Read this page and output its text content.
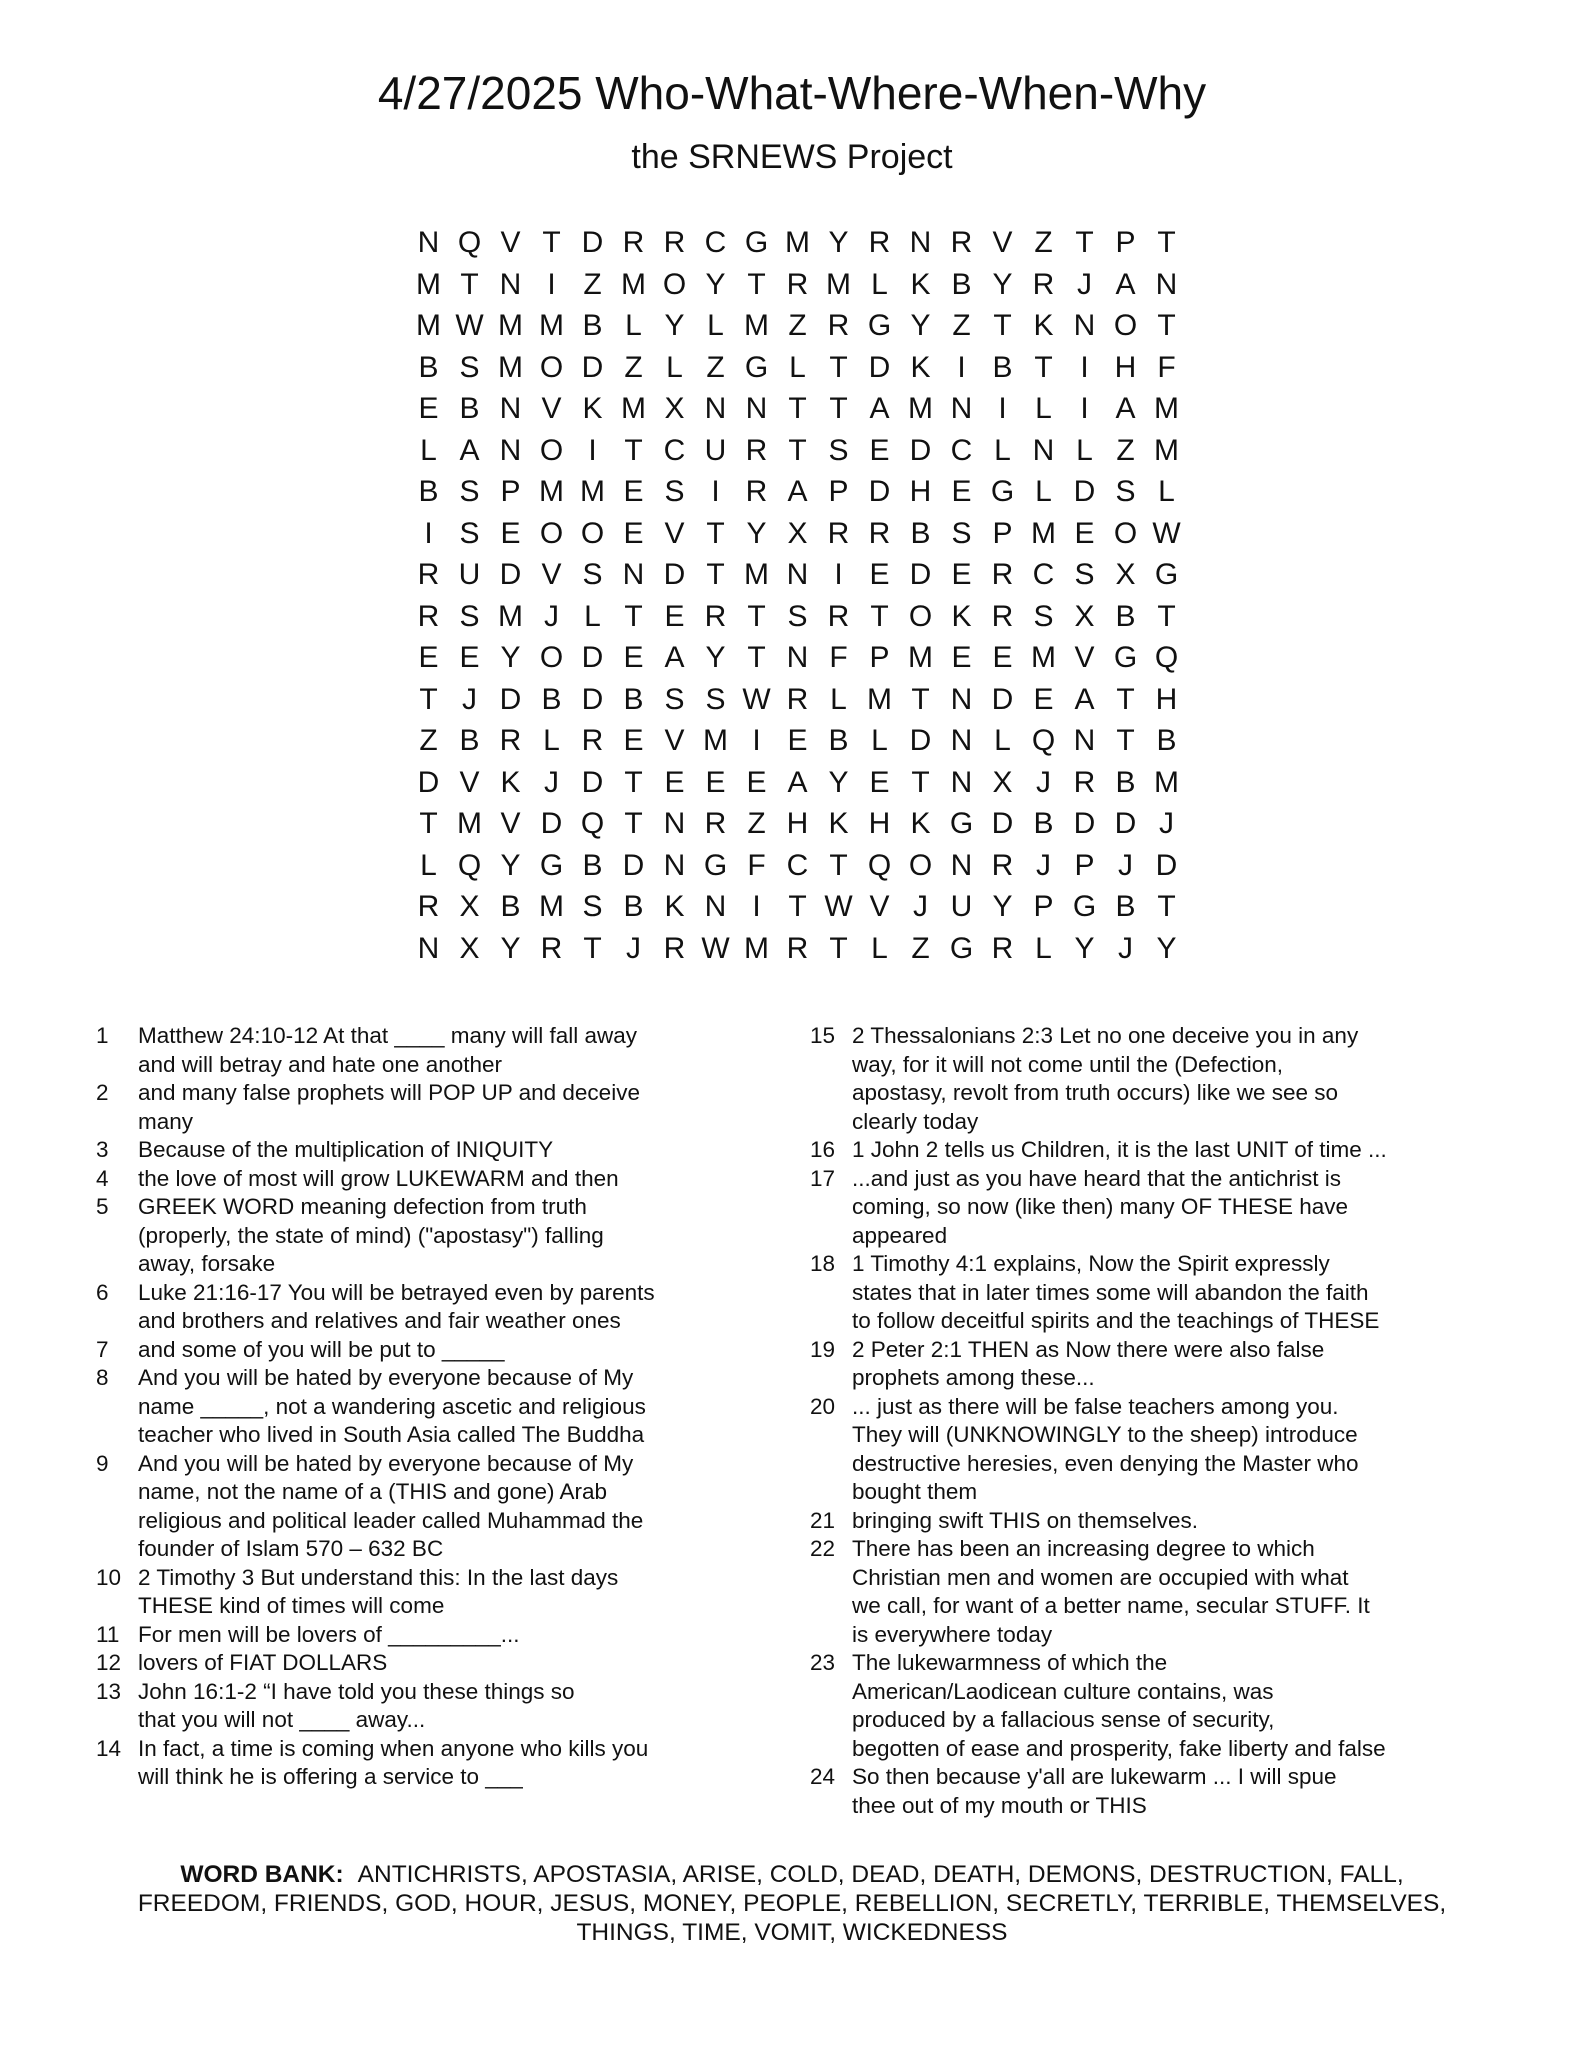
4/27/2025 Who-What-Where-When-Why
the SRNEWS Project
N Q V T D R R C G M Y R N R V Z T P T
M T N I Z M O Y T R M L K B Y R J A N
M W M M B L Y L M Z R G Y Z T K N O T
B S M O D Z L Z G L T D K I B T I H F
E B N V K M X N N T T A M N I L I A M
L A N O I T C U R T S E D C L N L Z M
B S P M M E S I R A P D H E G L D S L
I S E O O E V T Y X R R B S P M E O W
R U D V S N D T M N I E D E R C S X G
R S M J L T E R T S R T O K R S X B T
E E Y O D E A Y T N F P M E E M V G Q
T J D B D B S S W R L M T N D E A T H
Z B R L R E V M I E B L D N L Q N T B
D V K J D T E E E A Y E T N X J R B M
T M V D Q T N R Z H K H K G D B D D J
L Q Y G B D N G F C T Q O N R J P J D
R X B M S B K N I T W V J U Y P G B T
N X Y R T J R W M R T L Z G R L Y J Y
1	Matthew 24:10-12 At that ____ many will fall away
and will betray and hate one another
2	and many false prophets will POP UP and deceive
many
3	Because of the multiplication of INIQUITY
4	the love of most will grow LUKEWARM and then
5	GREEK WORD meaning defection from truth
(properly, the state of mind) ("apostasy") falling
away, forsake
6	Luke 21:16-17 You will be betrayed even by parents
and brothers and relatives and fair weather ones
7	and some of you will be put to _____
8	And you will be hated by everyone because of My
name _____, not a wandering ascetic and religious
teacher who lived in South Asia called The Buddha
9	And you will be hated by everyone because of My
name, not the name of a (THIS and gone) Arab
religious and political leader called Muhammad the
founder of Islam 570 – 632 BC
10 2 Timothy 3 But understand this: In the last days
THESE kind of times will come
11 For men will be lovers of _________...
12 lovers of FIAT DOLLARS
13 John 16:1-2 “I have told you these things so
that you will not ____ away...
14 In fact, a time is coming when anyone who kills you
will think he is offering a service to ___
15 2 Thessalonians 2:3 Let no one deceive you in any
way, for it will not come until the (Defection,
apostasy, revolt from truth occurs) like we see so
clearly today
16 1 John 2 tells us Children, it is the last UNIT of time ...
17 ...and just as you have heard that the antichrist is
coming, so now (like then) many OF THESE have
appeared
18 1 Timothy 4:1 explains, Now the Spirit expressly
states that in later times some will abandon the faith
to follow deceitful spirits and the teachings of THESE
19 2 Peter 2:1 THEN as Now there were also false
prophets among these...
20 ... just as there will be false teachers among you.
They will (UNKNOWINGLY to the sheep) introduce
destructive heresies, even denying the Master who
bought them
21 bringing swift THIS on themselves.
22 There has been an increasing degree to which
Christian men and women are occupied with what
we call, for want of a better name, secular STUFF. It
is everywhere today
23 The lukewarmness of which the
American/Laodicean culture contains, was
produced by a fallacious sense of security,
begotten of ease and prosperity, fake liberty and false
24 So then because y'all are lukewarm ... I will spue
thee out of my mouth or THIS
WORD BANK: ANTICHRISTS, APOSTASIA, ARISE, COLD, DEAD, DEATH, DEMONS, DESTRUCTION, FALL,
FREEDOM, FRIENDS, GOD, HOUR, JESUS, MONEY, PEOPLE, REBELLION, SECRETLY, TERRIBLE, THEMSELVES,
THINGS, TIME, VOMIT, WICKEDNESS
